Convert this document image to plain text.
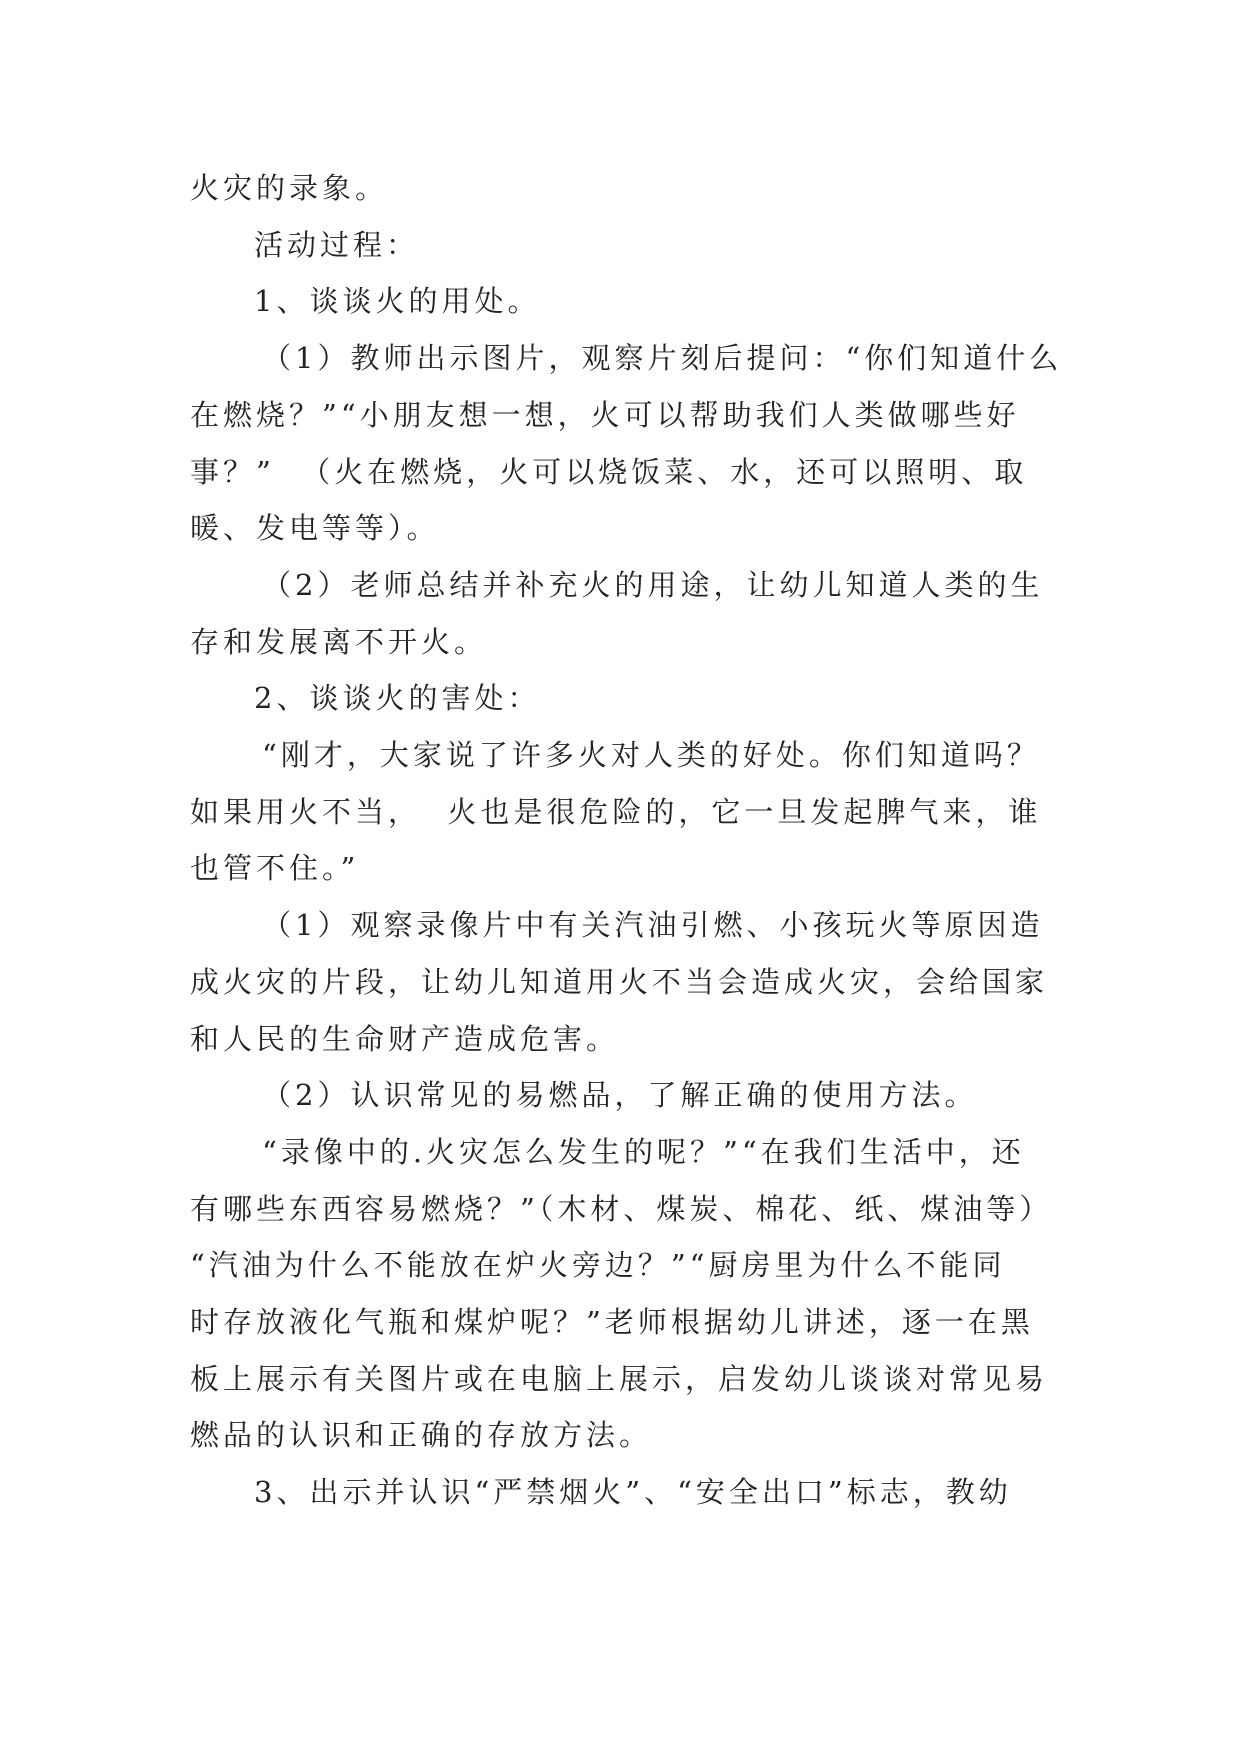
火灾的录象。
活动过程：
1、谈谈火的用处。
（1）教师出示图片，观察片刻后提问：“你们知道什么
在燃烧？”“小朋友想一想，火可以帮助我们人类做哪些好
事？”  （火在燃烧，火可以烧饭菜、水，还可以照明、取
暖、发电等等）。
（2）老师总结并补充火的用途，让幼儿知道人类的生
存和发展离不开火。
2、谈谈火的害处：
“刚才，大家说了许多火对人类的好处。你们知道吗？
如果用火不当，  火也是很危险的，它一旦发起脾气来，谁
也管不住。”
（1）观察录像片中有关汽油引燃、小孩玩火等原因造
成火灾的片段，让幼儿知道用火不当会造成火灾，会给国家
和人民的生命财产造成危害。
（2）认识常见的易燃品，了解正确的使用方法。
“录像中的.火灾怎么发生的呢？”“在我们生活中，还
有哪些东西容易燃烧？”（木材、煤炭、棉花、纸、煤油等）
“汽油为什么不能放在炉火旁边？”“厨房里为什么不能同
时存放液化气瓶和煤炉呢？”老师根据幼儿讲述，逐一在黑
板上展示有关图片或在电脑上展示，启发幼儿谈谈对常见易
燃品的认识和正确的存放方法。
3、出示并认识“严禁烟火”、“安全出口”标志，教幼
